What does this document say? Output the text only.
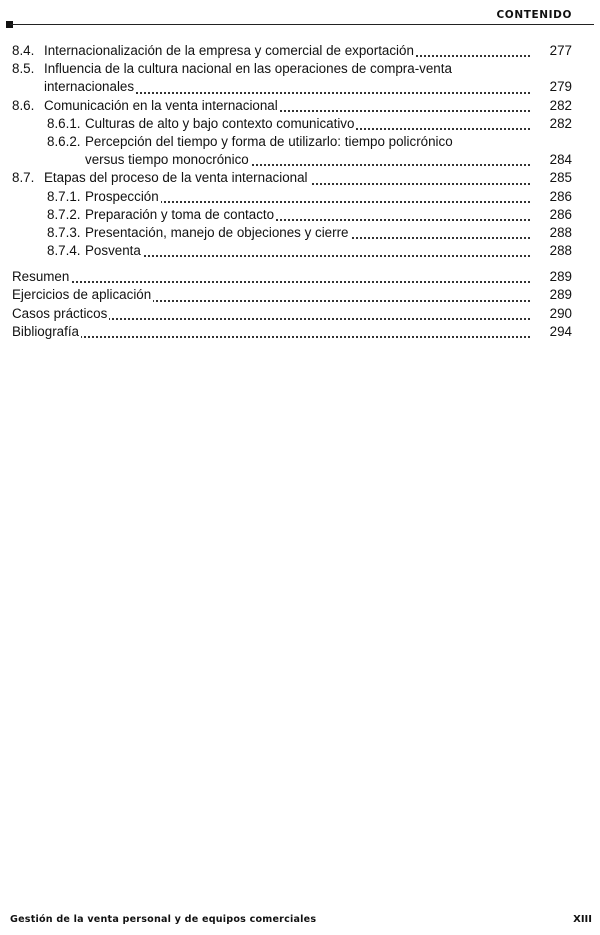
CONTENIDO
8.4. Internacionalización de la empresa y comercial de exportación	277
8.5. Influencia de la cultura nacional en las operaciones de compra-venta
internacionales	279
8.6. Comunicación en la venta internacional	282
8.6.1. Culturas de alto y bajo contexto comunicativo	282
8.6.2. Percepción del tiempo y forma de utilizarlo: tiempo policrónico
versus tiempo monocrónico	284
8.7. Etapas del proceso de la venta internacional	285
8.7.1. Prospección	286
8.7.2. Preparación y toma de contacto	286
8.7.3. Presentación, manejo de objeciones y cierre	288
8.7.4. Posventa	288
Resumen	289
Ejercicios de aplicación	289
Casos prácticos	290
Bibliografía	294
Gestión de la venta personal y de equipos comerciales	XIII
